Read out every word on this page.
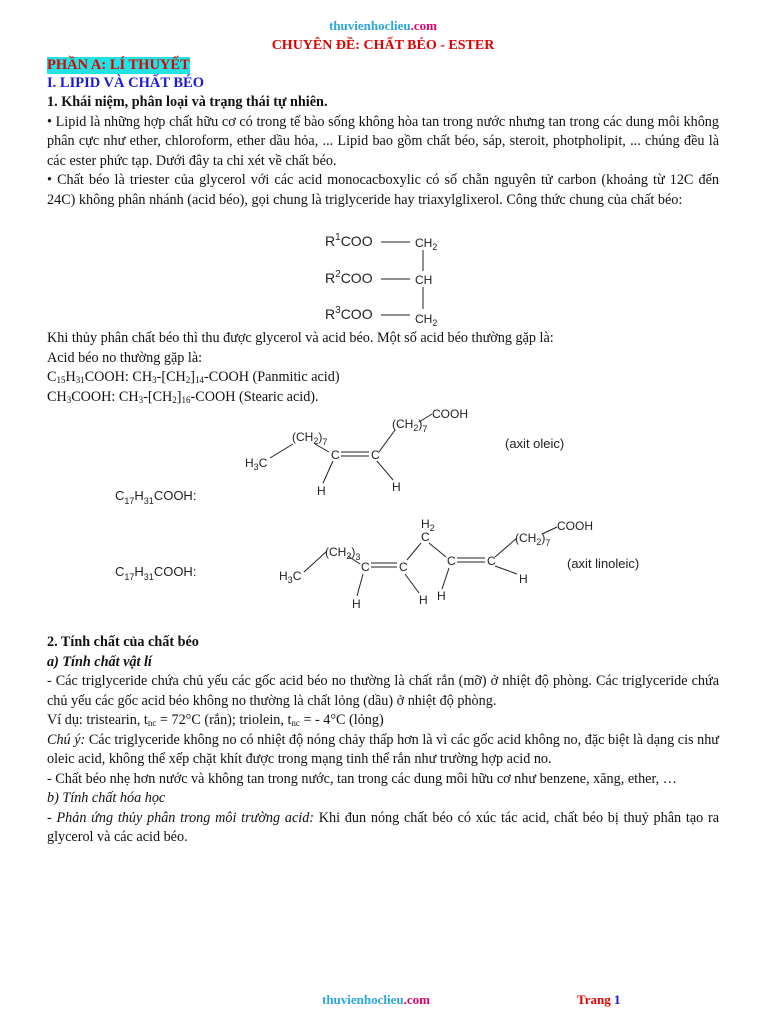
thuvienhoclieu.com
CHUYÊN ĐỀ: CHẤT BÉO - ESTER
PHẦN A: LÍ THUYẾT
I. LIPID VÀ CHẤT BÉO
1. Khái niệm, phân loại và trạng thái tự nhiên.
• Lipid là những hợp chất hữu cơ có trong tế bào sống không hòa tan trong nước nhưng tan trong các dung môi không phân cực như ether, chloroform, ether dầu hỏa, ... Lipid bao gồm chất béo, sáp, steroit, photpholipit, ... chúng đều là các ester phức tạp. Dưới đây ta chỉ xét về chất béo.
• Chất béo là triester của glycerol với các acid monocacboxylic có số chẵn nguyên tử carbon (khoảng từ 12C đến 24C) không phân nhánh (acid béo), gọi chung là triglyceride hay triaxylglixerol. Công thức chung của chất béo:
$R^1COO$
$R^2COO$
$R^3COO$
$CH_2$
CH
$CH_2$
Khi thủy phân chất béo thì thu được glycerol và acid béo. Một số acid béo thường gặp là:
Acid béo no thường gặp là:
$C_{15}H_{31}COOH$: $CH_3-[CH_2]_{14}$-COOH (Panmitic acid)
$CH_3COOH$: $CH_3-[CH_2]_{16}$-COOH (Stearic acid).
$C_{17}H_{31}COOH$:
(axit oleic)
COOH
$(CH_2)_7$
$(CH_2)_7$
$H_3C$
C	C
H	H
$C_{17}H_{31}COOH$:
(axit linoleic)
COOH
$(CH_2)_7$
$(CH_2)_3$
$H_3C$
$H_2$
C
C C	C	C
H	H H
H
2. Tính chất của chất béo
a) Tính chất vật lí
- Các triglyceride chứa chủ yếu các gốc acid béo no thường là chất rắn (mỡ) ở nhiệt độ phòng. Các triglyceride chứa chủ yếu các gốc acid béo không no thường là chất lỏng (dầu) ở nhiệt độ phòng.
Ví dụ: tristearin, $t_{nc} = 72^\circ C$ (rắn); triolein, $t_{nc}$ = - 4°C (lỏng)
Chú ý: Các triglyceride không no có nhiệt độ nóng chảy thấp hơn là vì các gốc acid không no, đặc biệt là dạng cis như oleic acid, không thể xếp chặt khít được trong mạng tinh thể rắn như trường hợp acid no.
- Chất béo nhẹ hơn nước và không tan trong nước, tan trong các dung môi hữu cơ như benzene, xăng, ether, …
b) Tính chất hóa học
- Phản ứng thủy phân trong môi trường acid: Khi đun nóng chất béo có xúc tác acid, chất béo bị thuỷ phân tạo ra glycerol và các acid béo.
thuvienhoclieu.com	Trang 1
